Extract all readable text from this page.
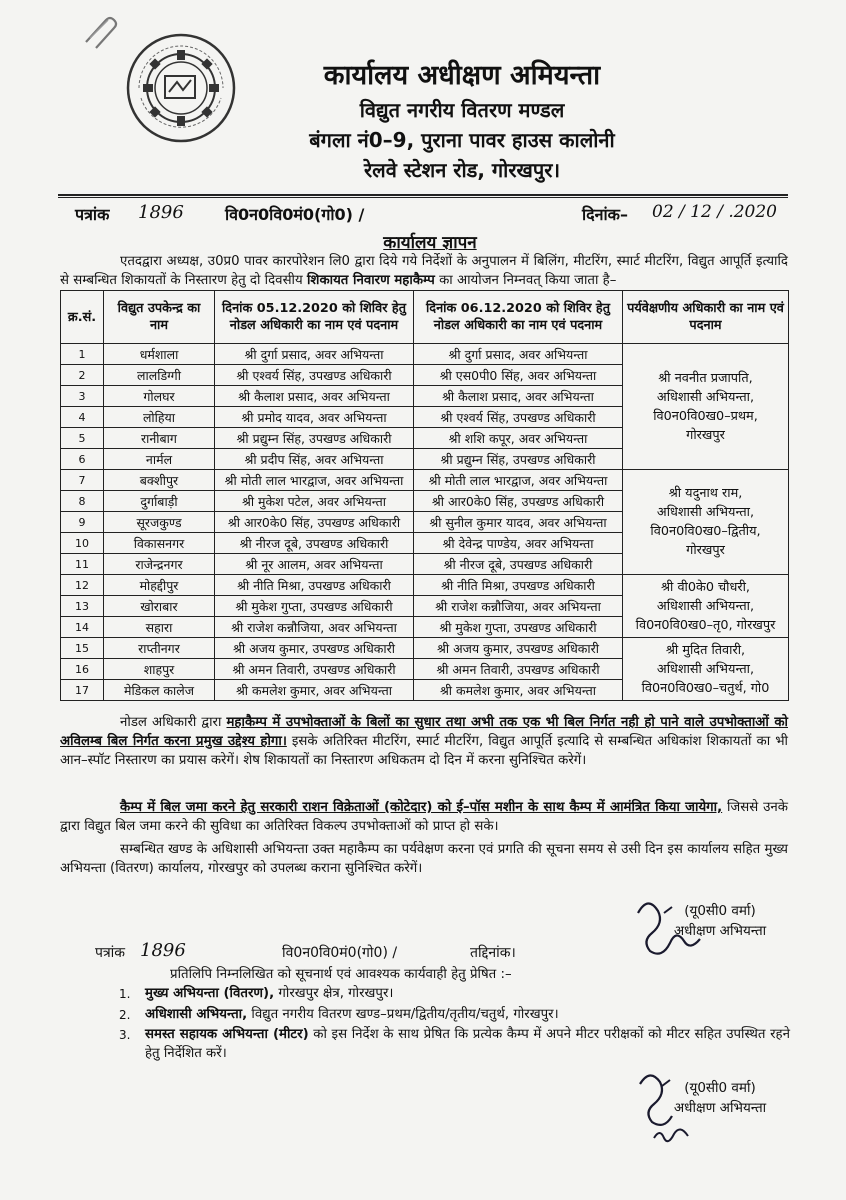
कार्यालय अधीक्षण अमियन्ता
विद्युत नगरीय वितरण मण्डल
बंगला नं0–9, पुराना पावर हाउस कालोनी
रेलवे स्टेशन रोड, गोरखपुर।
पत्रांक 1896	वि0न0वि0मं0(गो0) /	दिनांक– 02 / 12 / .2020
कार्यालय ज्ञापन
एतदद्वारा अध्यक्ष, उ0प्र0 पावर कारपोरेशन लि0 द्वारा दिये गये निर्देशों के अनुपालन में बिलिंग, मीटरिंग, स्मार्ट मीटरिंग, विद्युत आपूर्ति इत्यादि से सम्बन्धित शिकायतों के निस्तारण हेतु दो दिवसीय शिकायत निवारण महाकैम्प का आयोजन निम्नवत् किया जाता है–
क्र.सं.	विद्युत उपकेन्द्र का नाम	दिनांक 05.12.2020 को शिविर हेतु नोडल अधिकारी का नाम एवं पदनाम	दिनांक 06.12.2020 को शिविर हेतु नोडल अधिकारी का नाम एवं पदनाम	पर्यवेक्षणीय अधिकारी का नाम एवं पदनाम
1	धर्मशाला	श्री दुर्गा प्रसाद, अवर अभियन्ता	श्री दुर्गा प्रसाद, अवर अभियन्ता	श्री नवनीत प्रजापति,
अधिशासी अभियन्ता,
वि0न0वि0ख0–प्रथम,
गोरखपुर

2	लालडिग्गी	श्री एश्वर्य सिंह, उपखण्ड अधिकारी	श्री एस0पी0 सिंह, अवर अभियन्ता	
3	गोलघर	श्री कैलाश प्रसाद, अवर अभियन्ता	श्री कैलाश प्रसाद, अवर अभियन्ता	
4	लोहिया	श्री प्रमोद यादव, अवर अभियन्ता	श्री एश्वर्य सिंह, उपखण्ड अधिकारी	
5	रानीबाग	श्री प्रद्युम्न सिंह, उपखण्ड अधिकारी	श्री शशि कपूर, अवर अभियन्ता	
6	नार्मल	श्री प्रदीप सिंह, अवर अभियन्ता	श्री प्रद्युम्न सिंह, उपखण्ड अधिकारी	
7	बक्शीपुर	श्री मोती लाल भारद्वाज, अवर अभियन्ता	श्री मोती लाल भारद्वाज, अवर अभियन्ता	श्री यदुनाथ राम,
अधिशासी अभियन्ता,
वि0न0वि0ख0–द्वितीय,
गोरखपुर

8	दुर्गाबाड़ी	श्री मुकेश पटेल, अवर अभियन्ता	श्री आर0के0 सिंह, उपखण्ड अधिकारी	
9	सूरजकुण्ड	श्री आर0के0 सिंह, उपखण्ड अधिकारी	श्री सुनील कुमार यादव, अवर अभियन्ता	
10	विकासनगर	श्री नीरज दूबे, उपखण्ड अधिकारी	श्री देवेन्द्र पाण्डेय, अवर अभियन्ता	
11	राजेन्द्रनगर	श्री नूर आलम, अवर अभियन्ता	श्री नीरज दूबे, उपखण्ड अधिकारी	
12	मोहद्दीपुर	श्री नीति मिश्रा, उपखण्ड अधिकारी	श्री नीति मिश्रा, उपखण्ड अधिकारी	श्री वी0के0 चौधरी,
अधिशासी अभियन्ता,
वि0न0वि0ख0–तृ0, गोरखपुर

13	खोराबार	श्री मुकेश गुप्ता, उपखण्ड अधिकारी	श्री राजेश कन्नौजिया, अवर अभियन्ता	
14	सहारा	श्री राजेश कन्नौजिया, अवर अभियन्ता	श्री मुकेश गुप्ता, उपखण्ड अधिकारी	
15	राप्तीनगर	श्री अजय कुमार, उपखण्ड अधिकारी	श्री अजय कुमार, उपखण्ड अधिकारी	श्री मुदित तिवारी,
अधिशासी अभियन्ता,
वि0न0वि0ख0–चतुर्थ, गो0

16	शाहपुर	श्री अमन तिवारी, उपखण्ड अधिकारी	श्री अमन तिवारी, उपखण्ड अधिकारी	
17	मेडिकल कालेज	श्री कमलेश कुमार, अवर अभियन्ता	श्री कमलेश कुमार, अवर अभियन्ता	
नोडल अधिकारी द्वारा महाकैम्प में उपभोक्ताओं के बिलों का सुधार तथा अभी तक एक भी बिल निर्गत नही हो पाने वाले उपभोक्ताओं को अविलम्ब बिल निर्गत करना प्रमुख उद्देश्य होगा। इसके अतिरिक्त मीटरिंग, स्मार्ट मीटरिंग, विद्युत आपूर्ति इत्यादि से सम्बन्धित अधिकांश शिकायतों का भी आन–स्पॉट निस्तारण का प्रयास करेगें। शेष शिकायतों का निस्तारण अधिकतम दो दिन में करना सुनिश्चित करेगें।
कैम्प में बिल जमा करने हेतु सरकारी राशन विक्रेताओं (कोटेदार) को ई–पॉस मशीन के साथ कैम्प में आमंत्रित किया जायेगा, जिससे उनके द्वारा विद्युत बिल जमा करने की सुविधा का अतिरिक्त विकल्प उपभोक्ताओं को प्राप्त हो सके।
सम्बन्धित खण्ड के अधिशासी अभियन्ता उक्त महाकैम्प का पर्यवेक्षण करना एवं प्रगति की सूचना समय से उसी दिन इस कार्यालय सहित मुख्य अभियन्ता (वितरण) कार्यालय, गोरखपुर को उपलब्ध कराना सुनिश्चित करेगें।
(यू0सी0 वर्मा)
अधीक्षण अभियन्ता
पत्रांक 1896	वि0न0वि0मं0(गो0) /	तद्दिनांक।
प्रतिलिपि निम्नलिखित को सूचनार्थ एवं आवश्यक कार्यवाही हेतु प्रेषित :–
1. मुख्य अभियन्ता (वितरण), गोरखपुर क्षेत्र, गोरखपुर।
2. अधिशासी अभियन्ता, विद्युत नगरीय वितरण खण्ड–प्रथम/द्वितीय/तृतीय/चतुर्थ, गोरखपुर।
3. समस्त सहायक अभियन्ता (मीटर) को इस निर्देश के साथ प्रेषित कि प्रत्येक कैम्प में अपने मीटर परीक्षकों को मीटर सहित उपस्थित रहने हेतु निर्देशित करें।
(यू0सी0 वर्मा)
अधीक्षण अभियन्ता
